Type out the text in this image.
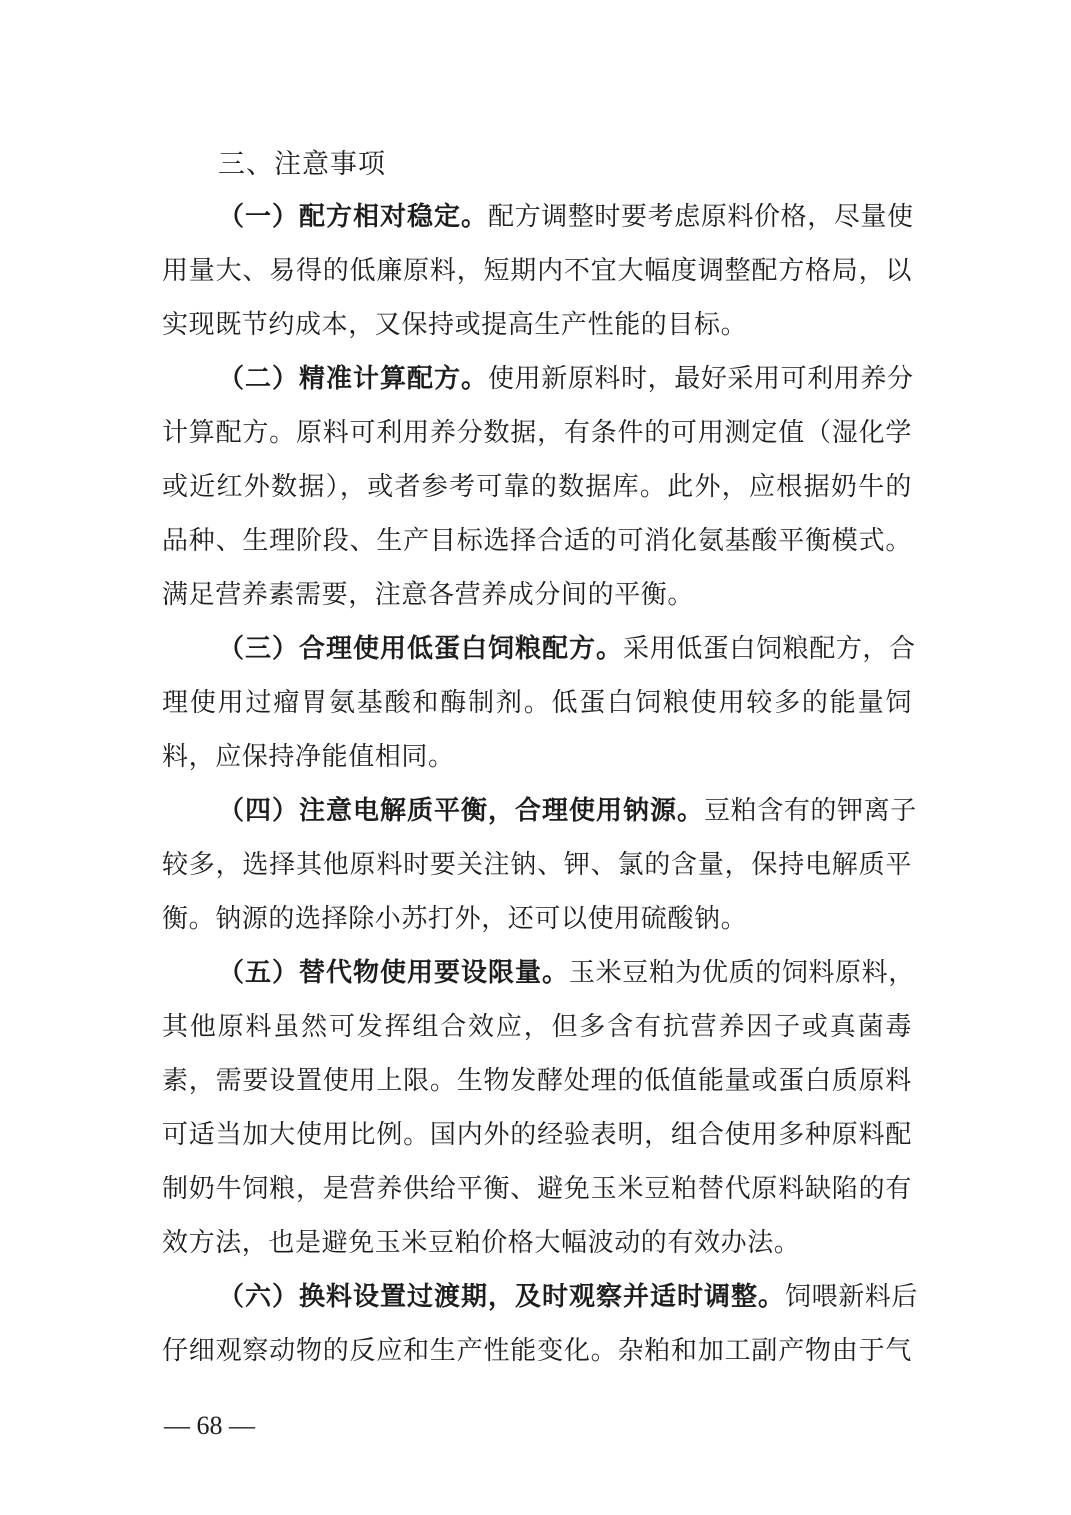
三、注意事项
（一）配方相对稳定。配方调整时要考虑原料价格，尽量使
用量大、易得的低廉原料，短期内不宜大幅度调整配方格局，以
实现既节约成本，又保持或提高生产性能的目标。
（二）精准计算配方。使用新原料时，最好采用可利用养分
计算配方。原料可利用养分数据，有条件的可用测定值（湿化学
或近红外数据），或者参考可靠的数据库。此外，应根据奶牛的
品种、生理阶段、生产目标选择合适的可消化氨基酸平衡模式。
满足营养素需要，注意各营养成分间的平衡。
（三）合理使用低蛋白饲粮配方。采用低蛋白饲粮配方，合
理使用过瘤胃氨基酸和酶制剂。低蛋白饲粮使用较多的能量饲
料，应保持净能值相同。
（四）注意电解质平衡，合理使用钠源。豆粕含有的钾离子
较多，选择其他原料时要关注钠、钾、氯的含量，保持电解质平
衡。钠源的选择除小苏打外，还可以使用硫酸钠。
（五）替代物使用要设限量。玉米豆粕为优质的饲料原料，
其他原料虽然可发挥组合效应，但多含有抗营养因子或真菌毒
素，需要设置使用上限。生物发酵处理的低值能量或蛋白质原料
可适当加大使用比例。国内外的经验表明，组合使用多种原料配
制奶牛饲粮，是营养供给平衡、避免玉米豆粕替代原料缺陷的有
效方法，也是避免玉米豆粕价格大幅波动的有效办法。
（六）换料设置过渡期，及时观察并适时调整。饲喂新料后
仔细观察动物的反应和生产性能变化。杂粕和加工副产物由于气
— 68 —
